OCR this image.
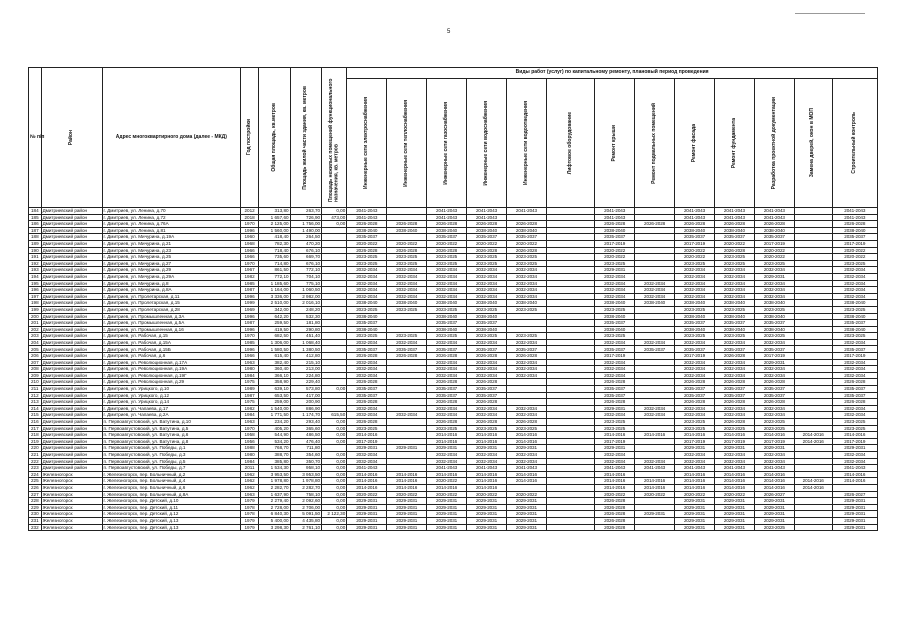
5
№ п/п	Район	Адрес многоквартирного дома (далее - МКД)	Год постройки	Общая площадь, кв.метров	Площадь жилой части здания, кв. метров	Площадь нежилых помещений функционального назначения, кв. метров	Виды работ (услуг) по капитальному ремонту, плановый период проведения												

							Инженерные сети электроснабжения	Инженерные сети теплоснабжения	Инженерные сети газоснабжения	Инженерные сети водоснабжения	Инженерные сети водоотведения	Лифтовое оборудование	Ремонт крыши	Ремонт подвальных помещений	Ремонт фасада	Ремонт фундамента	Разработка проектной документации	Замена дверей, окон в МОП	Строительный контроль

184	Дмитриевский район	г. Дмитриев, ул. Ленина, д.70	2012	313,80	263,70	0,00	2041-2043		2041-2043	2041-2043	2041-2043		2041-2043		2041-2043	2041-2043	2041-2043		2041-2043
185	Дмитриевский район	г. Дмитриев, ул. Ленина, д.72	2018	1 657,60	726,90	473,00	2041-2043		2041-2043	2041-2043			2041-2043		2041-2043	2041-2043	2041-2043		2041-2043
186	Дмитриевский район	г. Дмитриев, ул. Ленина, д.76А	1970	2 125,00	1 756,00	0,00	2026-2028	2026-2028	2026-2028	2026-2028	2026-2028		2026-2028	2026-2028	2026-2028	2026-2028	2026-2028		2026-2028
187	Дмитриевский район	г. Дмитриев, ул. Ленина, д.81	1996	1 560,00	1 490,00		2038-2040	2038-2040	2038-2040	2038-2040	2038-2040		2038-2040		2038-2040	2038-2040	2038-2040		2038-2040
188	Дмитриевский район	г. Дмитриев, ул. Мичурина, д.19А	1960	418,40	264,50		2035-2037		2035-2037	2035-2037	2035-2037		2035-2037		2035-2037	2035-2037	2035-2037		2035-2037
189	Дмитриевский район	г. Дмитриев, ул. Мичурина, д.21	1968	782,30	470,20		2020-2022	2020-2022	2020-2022	2020-2022	2020-2022		2017-2019		2017-2019	2020-2022	2017-2019		2017-2019
190	Дмитриевский район	г. Дмитриев, ул. Мичурина, д.23	1966	718,40	676,10		2026-2028	2026-2028	2026-2028	2026-2028	2026-2028		2020-2022		2020-2022	2026-2028	2020-2022		2020-2022
191	Дмитриевский район	г. Дмитриев, ул. Мичурина, д.25	1966	735,60	669,70		2023-2025	2023-2025	2023-2025	2023-2025	2023-2025		2020-2022		2020-2022	2023-2025	2020-2022		2020-2022
192	Дмитриевский район	г. Дмитриев, ул. Мичурина, д.27	1970	714,80	676,10		2023-2025	2023-2025	2023-2025	2023-2025	2023-2025		2023-2025		2023-2025	2023-2025	2023-2025		2023-2025
193	Дмитриевский район	г. Дмитриев, ул. Мичурина, д.29	1967	861,50	772,10		2032-2034	2032-2034	2032-2034	2032-2034	2032-2034		2029-2031		2032-2034	2032-2034	2032-2034		2032-2034
194	Дмитриевский район	г. Дмитриев, ул. Мичурина, д.29А	1982	772,10	704,10		2032-2034	2032-2034	2032-2034	2032-2034	2032-2034		2032-2034		2032-2034	2032-2034	2029-2031		2032-2034
195	Дмитриевский район	г. Дмитриев, ул. Мичурина, д.8	1985	1 185,60	775,10		2032-2034	2032-2034	2032-2034	2032-2034	2032-2034		2032-2034	2032-2034	2032-2034	2032-2034	2032-2034		2032-2034
196	Дмитриевский район	г. Дмитриев, ул. Мичурина, д.8А	1987	1 164,00	1 060,50		2032-2034	2032-2034	2032-2034	2032-2034	2032-2034		2032-2034	2032-2034	2032-2034	2032-2034	2032-2034		2032-2034
197	Дмитриевский район	г. Дмитриев, ул. Пролетарская, д.11	1996	3 336,00	2 982,00		2032-2034	2032-2034	2032-2034	2032-2034	2032-2034		2032-2034	2032-2034	2032-2034	2032-2034	2032-2034		2032-2034
198	Дмитриевский район	г. Дмитриев, ул. Пролетарская, д.15	1999	2 510,00	2 016,10		2038-2040	2038-2040	2038-2040	2038-2040	2038-2040		2038-2040	2038-2040	2038-2040	2038-2040	2038-2040		2038-2040
199	Дмитриевский район	г. Дмитриев, ул. Пролетарская, д.28	1969	342,00	248,20		2023-2025	2023-2025	2023-2025	2023-2025	2023-2025		2023-2025		2023-2025	2023-2025	2023-2025		2023-2025
200	Дмитриевский район	г. Дмитриев, ул. Промышленная, д.3А	1996	642,20	532,30		2038-2040		2038-2040	2038-2040			2038-2040		2038-2040	2038-2040	2038-2040		2038-2040
201	Дмитриевский район	г. Дмитриев, ул. Промышленная, д.5А	1987	259,50	181,80		2035-2037		2035-2037	2035-2037			2035-2037		2035-2037	2035-2037	2035-2037		2035-2037
202	Дмитриевский район	г. Дмитриев, ул. Промышленная, д.16	1996	419,50	290,80		2038-2040		2038-2040	2038-2040			2038-2040		2038-2040	2038-2040	2038-2040		2038-2040
203	Дмитриевский район	г. Дмитриев, ул. Рабочая, д.15	1970	682,50	451,40		2023-2025	2023-2025	2023-2025	2023-2025	2023-2025		2023-2025		2023-2025	2023-2025	2023-2025		2023-2025
204	Дмитриевский район	г. Дмитриев, ул. Рабочая, д.15А	1985	1 306,00	1 068,40		2032-2034	2032-2034	2032-2034	2032-2034	2032-2034		2032-2034	2032-2034	2032-2034	2032-2034	2032-2034		2032-2034
205	Дмитриевский район	г. Дмитриев, ул. Рабочая, д.15Б	1996	1 580,50	1 380,50		2035-2037	2035-2037	2035-2037	2035-2037	2035-2037		2035-2037	2035-2037	2035-2037	2035-2037	2035-2037		2035-2037
206	Дмитриевский район	г. Дмитриев, ул. Рабочая, д.6	1966	615,40	412,80		2026-2028	2026-2028	2026-2028	2026-2028	2026-2028		2017-2019		2017-2019	2026-2028	2017-2019		2017-2019
207	Дмитриевский район	г. Дмитриев, ул. Революционная, д.17А	1963	382,40	215,10		2032-2034		2032-2034	2032-2034	2032-2034		2032-2034		2032-2034	2032-2034	2029-2031		2032-2034
208	Дмитриевский район	г. Дмитриев, ул. Революционная, д.19А	1980	360,40	213,00		2032-2034		2032-2034	2032-2034	2032-2034		2032-2034		2032-2034	2032-2034	2032-2034		2032-2034
209	Дмитриевский район	г. Дмитриев, ул. Революционная, д.19Г	1984	366,10	224,80		2032-2034		2032-2034	2032-2034	2032-2034		2032-2034		2032-2034	2032-2034	2032-2034		2032-2034
210	Дмитриевский район	г. Дмитриев, ул. Революционная, д.29	1975	358,90	229,40		2026-2028		2026-2028	2026-2028			2026-2028		2026-2028	2026-2028	2026-2028		2026-2028
211	Дмитриевский район	г. Дмитриев, ул. Урицкого, д.10	1989	639,10	573,80	0,00	2035-2037		2035-2037	2035-2037			2035-2037		2035-2037	2035-2037	2035-2037		2035-2037
212	Дмитриевский район	г. Дмитриев, ул. Урицкого, д.12	1987	653,50	417,00		2035-2037		2035-2037	2035-2037			2035-2037		2035-2037	2035-2037	2035-2037		2035-2037
213	Дмитриевский район	г. Дмитриев, ул. Урицкого, д.14	1975	259,00	200,90		2026-2028		2026-2028	2026-2028			2026-2028		2026-2028	2026-2028	2026-2028		2026-2028
214	Дмитриевский район	г. Дмитриев, ул. Чапаева, д.17	1982	1 540,00	886,90		2032-2034		2032-2034	2032-2034	2032-2034		2029-2031	2032-2034	2032-2034	2032-2034	2032-2034		2032-2034
215	Дмитриевский район	г. Дмитриев, ул. Чапаева, д.2А	1984	1 771,50	1 174,70	615,50	2032-2034	2032-2034	2032-2034	2032-2034	2032-2034		2032-2034	2032-2034	2032-2034	2032-2034	2032-2034		2032-2034
216	Дмитриевский район	п. Первоавгустовский, ул. Ватутина, д.10	1963	234,20	293,40	0,00	2026-2028		2026-2028	2026-2028	2026-2028		2023-2025		2023-2025	2026-2028	2023-2025		2023-2025
217	Дмитриевский район	п. Первоавгустовский, ул. Ватутина, д.5	1970	405,20	365,60	0,00	2023-2025		2023-2025	2023-2025	2023-2025		2023-2025		2023-2025	2023-2025	2023-2025		2023-2025
218	Дмитриевский район	п. Первоавгустовский, ул. Ватутина, д.6	1958	544,90	486,50	0,00	2014-2016		2014-2016	2014-2016	2014-2016		2014-2016	2014-2016	2014-2016	2014-2016	2014-2016	2014-2016	2014-2016
219	Дмитриевский район	п. Первоавгустовский, ул. Ватутина, д.8	1956	534,20	476,40	0,00	2017-2019		2014-2016	2014-2016	2014-2016		2017-2019		2017-2019	2017-2019	2017-2019	2014-2016	2017-2019
220	Дмитриевский район	п. Первоавгустовский, ул. Победы, д.1	1988	768,70	711,80		2029-2031	2029-2031	2029-2031	2029-2031	2029-2031		2029-2031		2029-2031	2029-2031	2029-2031		2029-2031
221	Дмитриевский район	п. Первоавгустовский, ул. Победы, д.3	1980	388,70	354,60	0,00	2032-2034		2032-2034	2032-2034	2032-2034		2032-2034		2032-2034	2032-2034	2032-2034		2032-2034
222	Дмитриевский район	п. Первоавгустовский, ул. Победы, д.5	1984	385,80	350,70	0,00	2032-2034		2032-2034	2032-2034	2032-2034		2032-2034	2032-2034	2032-2034	2032-2034	2032-2034		2032-2034
223	Дмитриевский район	п. Первоавгустовский, ул. Победы, д.7	2011	1 534,30	958,10	0,00	2041-2043		2041-2043	2041-2043	2041-2043		2041-2043	2041-2043	2041-2043	2041-2043	2041-2043		2041-2043
224	Железногорск	г. Железногорск, пер. Больничный, д.2	1962	3 953,50	3 953,50	0,00	2014-2016	2014-2016	2014-2016	2014-2016	2014-2016		2014-2016		2014-2016	2014-2016	2014-2016		2014-2016
225	Железногорск	г. Железногорск, пер. Больничный, д.4	1962	1 978,80	1 978,80	0,00	2014-2016	2014-2016	2020-2022	2014-2016	2014-2016		2014-2016	2014-2016	2014-2016	2014-2016	2014-2016	2014-2016	2014-2016
226	Железногорск	г. Железногорск, пер. Больничный, д.6	1962	2 282,70	2 282,70	0,00	2014-2016	2014-2016	2014-2016	2014-2016			2014-2016	2014-2016	2014-2016	2014-2016	2014-2016	2014-2016	
227	Железногорск	г. Железногорск, пер. Больничный, д.8А	1963	1 637,90	758,10	0,00	2020-2022	2020-2022	2020-2022	2020-2022	2020-2022		2020-2022	2020-2022	2020-2022	2020-2022	2026-2027		2026-2027
228	Железногорск	г. Железногорск, пер. Детский, д.10	1979	2 279,40	2 092,60	0,00	2029-2031	2029-2031	2029-2031	2029-2031	2029-2031		2026-2028		2029-2031	2029-2031	2029-2031		2029-2031
229	Железногорск	г. Железногорск, пер. Детский, д.11	1978	2 728,00	2 706,00	0,00	2029-2031	2029-2031	2029-2031	2029-2031	2029-2031		2026-2028		2029-2031	2029-2031	2029-2031		2029-2031
230	Железногорск	г. Железногорск, пер. Детский, д.12	1978	6 840,30	5 091,50	2 122,30	2029-2031	2029-2031	2029-2031	2029-2031	2029-2031		2026-2028	2029-2031	2029-2031	2029-2031	2029-2031		2029-2031
231	Железногорск	г. Железногорск, пер. Детский, д.13	1979	5 400,00	4 435,80	0,00	2029-2031	2029-2031	2029-2031	2029-2031	2029-2031		2026-2028		2029-2031	2029-2031	2029-2031		2029-2031
232	Железногорск	г. Железногорск, пер. Детский, д.13	1979	3 298,30	2 761,10	0,00	2029-2031	2029-2031	2029-2031	2029-2031	2029-2031		2026-2028		2029-2031	2029-2031	2023-2025		2029-2031
